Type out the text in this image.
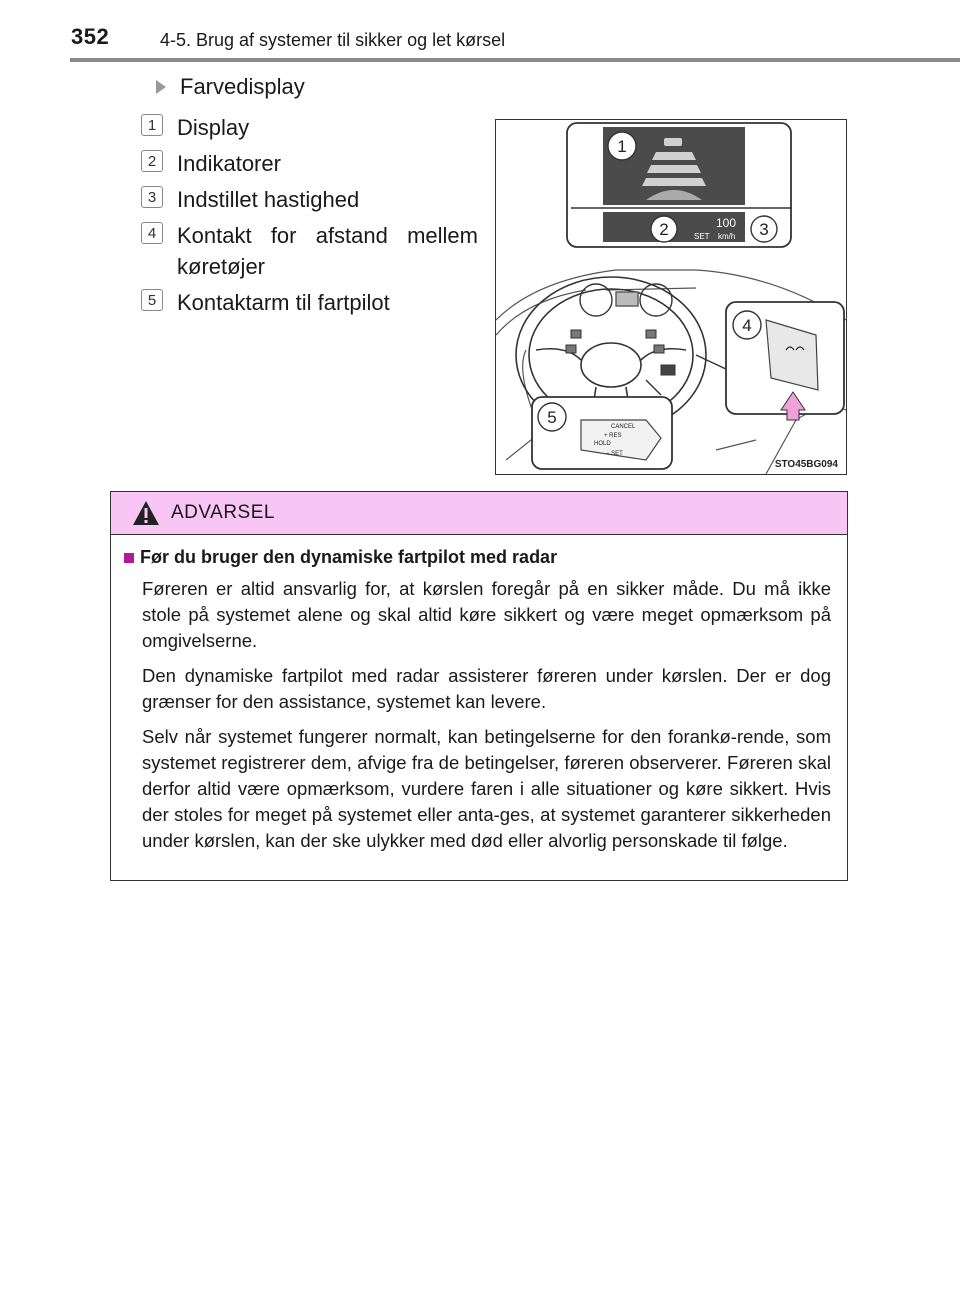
352	4-5. Brug af systemer til sikker og let kørsel
Farvedisplay
1 Display
2 Indikatorer
3 Indstillet hastighed
4 Kontakt for afstand mellem køretøjer
5 Kontaktarm til fartpilot
100
SET km/h
1
2	3
4
CANCEL
+ RES
HOLD
− SET
5
STO45BG094
ADVARSEL
Før du bruger den dynamiske fartpilot med radar

Føreren er altid ansvarlig for, at kørslen foregår på en sikker måde. Du må ikke stole på systemet alene og skal altid køre sikkert og være meget opmærksom på omgivelserne.

Den dynamiske fartpilot med radar assisterer føreren under kørslen. Der er dog grænser for den assistance, systemet kan levere.

Selv når systemet fungerer normalt, kan betingelserne for den forankø-rende, som systemet registrerer dem, afvige fra de betingelser, føreren observerer. Føreren skal derfor altid være opmærksom, vurdere faren i alle situationer og køre sikkert. Hvis der stoles for meget på systemet eller anta-ges, at systemet garanterer sikkerheden under kørslen, kan der ske ulykker med død eller alvorlig personskade til følge.
